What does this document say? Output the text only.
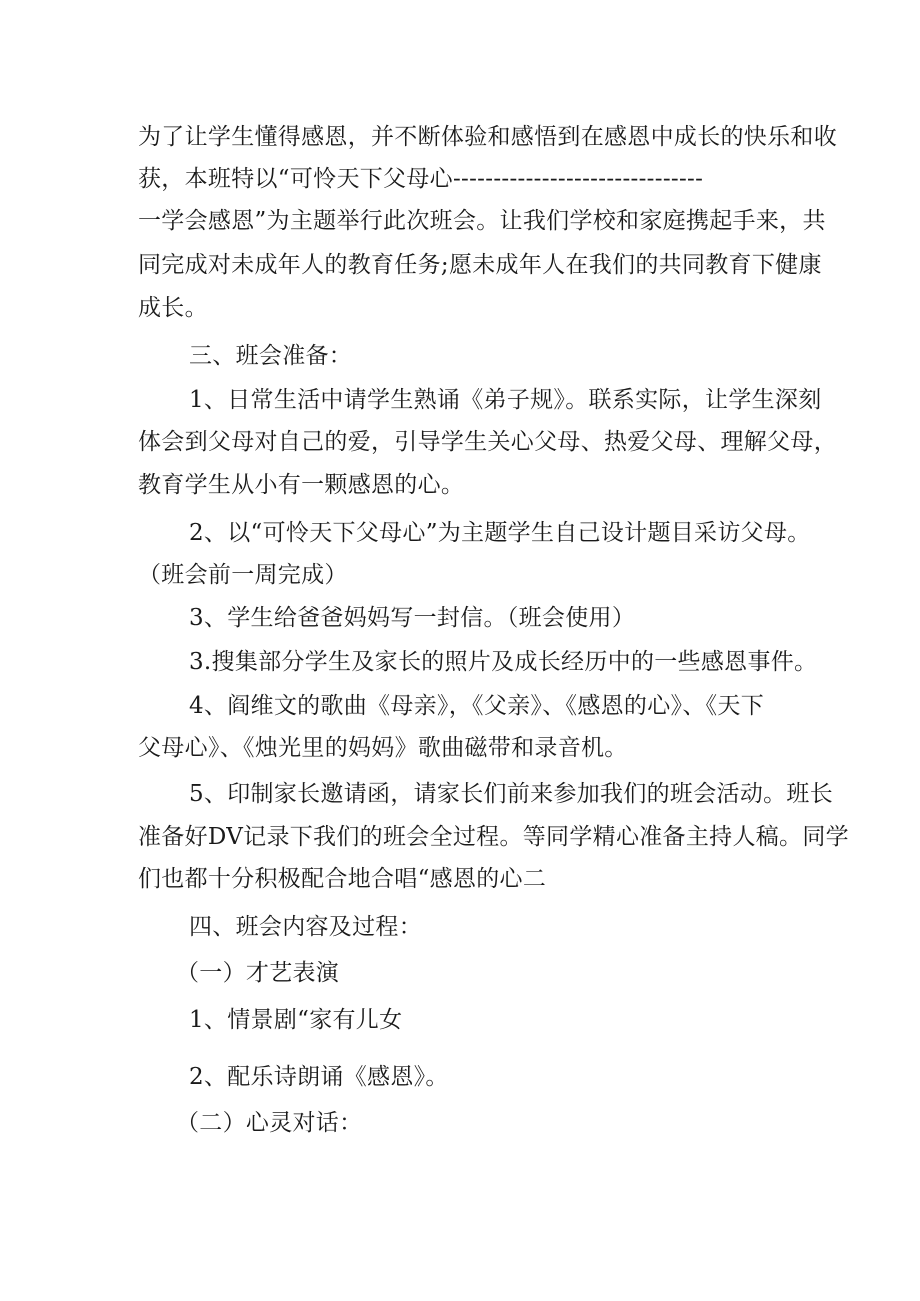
为了让学生懂得感恩，并不断体验和感悟到在感恩中成长的快乐和收
获，本班特以“可怜天下父母心-------------------------------
一学会感恩”为主题举行此次班会。让我们学校和家庭携起手来，共
同完成对未成年人的教育任务;愿未成年人在我们的共同教育下健康
成长。
三、班会准备：
1、日常生活中请学生熟诵《弟子规》。联系实际，让学生深刻
体会到父母对自己的爱，引导学生关心父母、热爱父母、理解父母，
教育学生从小有一颗感恩的心。
2、以“可怜天下父母心”为主题学生自己设计题目采访父母。
（班会前一周完成）
3、学生给爸爸妈妈写一封信。（班会使用）
3.搜集部分学生及家长的照片及成长经历中的一些感恩事件。
4、阎维文的歌曲《母亲》，《父亲》、《感恩的心》、《天下
父母心》、《烛光里的妈妈》歌曲磁带和录音机。
5、印制家长邀请函，请家长们前来参加我们的班会活动。班长
准备好DV记录下我们的班会全过程。等同学精心准备主持人稿。同学
们也都十分积极配合地合唱“感恩的心二
四、班会内容及过程：
（一）才艺表演
1、情景剧“家有儿女
2、配乐诗朗诵《感恩》。
（二）心灵对话：
